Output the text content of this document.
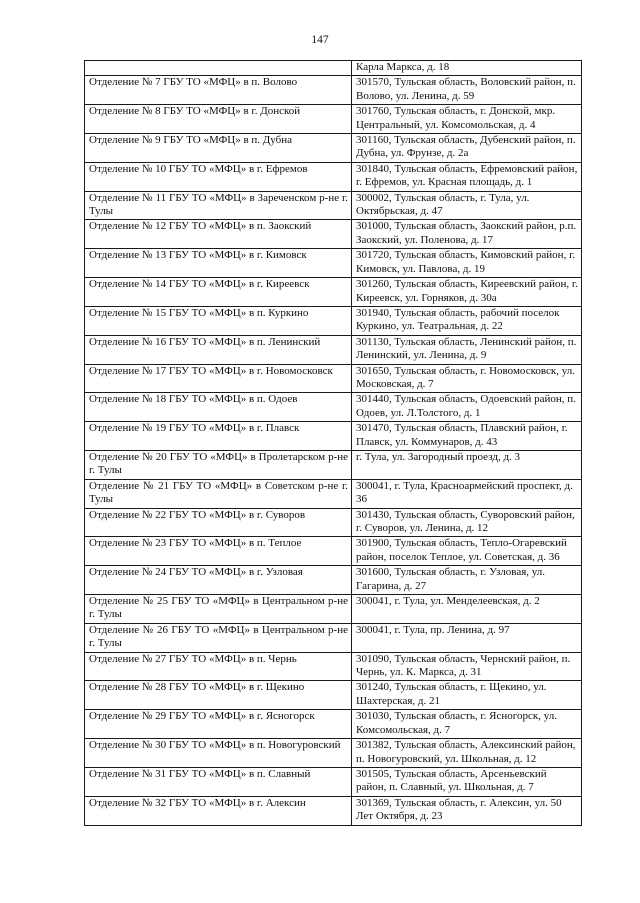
147
	Карла Маркса, д. 18
Отделение № 7 ГБУ ТО «МФЦ» в п. Волово	301570, Тульская область, Воловский район, п. Волово, ул. Ленина, д. 59
Отделение № 8 ГБУ ТО «МФЦ» в г. Донской	301760, Тульская область, г. Донской, мкр. Центральный, ул. Комсомольская, д. 4
Отделение № 9 ГБУ ТО «МФЦ» в п. Дубна	301160, Тульская область, Дубенский район, п. Дубна, ул. Фрунзе, д. 2а
Отделение № 10 ГБУ ТО «МФЦ» в г. Ефремов	301840, Тульская область, Ефремовский район, г. Ефремов, ул. Красная площадь, д. 1
Отделение № 11 ГБУ ТО «МФЦ» в Зареченском р-не г. Тулы	300002, Тульская область, г. Тула, ул. Октябрьская, д. 47
Отделение № 12 ГБУ ТО «МФЦ» в п. Заокский	301000, Тульская область, Заокский район, р.п. Заокский, ул. Поленова, д. 17
Отделение № 13 ГБУ ТО «МФЦ» в г. Кимовск	301720, Тульская область, Кимовский район, г. Кимовск, ул. Павлова, д. 19
Отделение № 14 ГБУ ТО «МФЦ» в г. Киреевск	301260, Тульская область, Киреевский район, г. Киреевск, ул. Горняков, д. 30а
Отделение № 15 ГБУ ТО «МФЦ» в п. Куркино	301940, Тульская область, рабочий поселок Куркино, ул. Театральная, д. 22
Отделение № 16 ГБУ ТО «МФЦ» в п. Ленинский	301130, Тульская область, Ленинский район, п. Ленинский, ул. Ленина, д. 9
Отделение № 17 ГБУ ТО «МФЦ» в г. Новомосковск	301650, Тульская область, г. Новомосковск, ул. Московская, д. 7
Отделение № 18 ГБУ ТО «МФЦ» в п. Одоев	301440, Тульская область, Одоевский район, п. Одоев, ул. Л.Толстого, д. 1
Отделение № 19 ГБУ ТО «МФЦ» в г. Плавск	301470, Тульская область, Плавский район, г. Плавск, ул. Коммунаров, д. 43
Отделение № 20 ГБУ ТО «МФЦ» в Пролетарском р-не г. Тулы	г. Тула, ул. Загородный проезд, д. 3
Отделение № 21 ГБУ ТО «МФЦ» в Советском р-не г. Тулы	300041, г. Тула, Красноармейский проспект, д. 36
Отделение № 22 ГБУ ТО «МФЦ» в г. Суворов	301430, Тульская область, Суворовский район, г. Суворов, ул. Ленина, д. 12
Отделение № 23 ГБУ ТО «МФЦ» в п. Теплое	301900, Тульская область, Тепло-Огаревский район, поселок Теплое, ул. Советская, д. 36
Отделение № 24 ГБУ ТО «МФЦ» в г. Узловая	301600, Тульская область, г. Узловая, ул. Гагарина, д. 27
Отделение № 25 ГБУ ТО «МФЦ» в Центральном р-не г. Тулы	300041, г. Тула, ул. Менделеевская, д. 2
Отделение № 26 ГБУ ТО «МФЦ» в Центральном р-не г. Тулы	300041, г. Тула, пр. Ленина, д. 97
Отделение № 27 ГБУ ТО «МФЦ» в п. Чернь	301090, Тульская область, Чернский район, п. Чернь, ул. К. Маркса, д. 31
Отделение № 28 ГБУ ТО «МФЦ» в г. Щекино	301240, Тульская область, г. Щекино, ул. Шахтерская, д. 21
Отделение № 29 ГБУ ТО «МФЦ» в г. Ясногорск	301030, Тульская область, г. Ясногорск, ул. Комсомольская, д. 7
Отделение № 30 ГБУ ТО «МФЦ» в п. Новогуровский	301382, Тульская область, Алексинский район, п. Новогуровский, ул. Школьная, д. 12
Отделение № 31 ГБУ ТО «МФЦ» в п. Славный	301505, Тульская область, Арсеньевский район, п. Славный, ул. Школьная, д. 7
Отделение № 32 ГБУ ТО «МФЦ» в г. Алексин	301369, Тульская область, г. Алексин, ул. 50 Лет Октября, д. 23
